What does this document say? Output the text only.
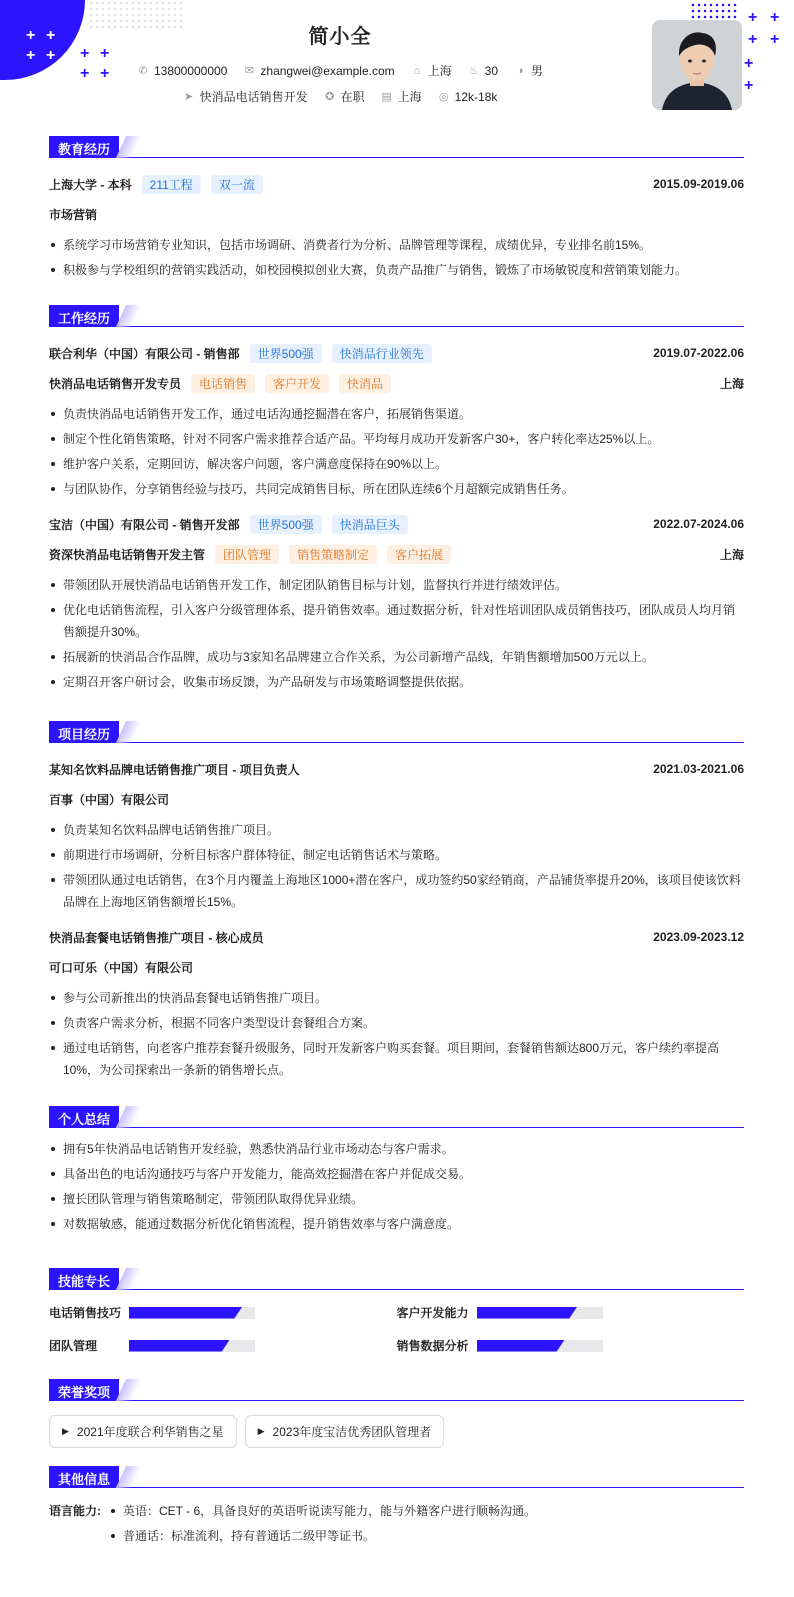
+ +
+ + + +
+ +
+ +
+ +
+
+
简小全
✆ 13800000000 ✉ zhangwei@example.com ⌂ 上海 ♨ 30 ◑ 男
➤ 快消品电话销售开发 ✪ 在职 ▤ 上海 ◎ 12k-18k
教育经历
上海大学 - 本科	211工程	双一流	2015.09-2019.06
市场营销
系统学习市场营销专业知识，包括市场调研、消费者行为分析、品牌管理等课程，成绩优异，专业排名前15%。
积极参与学校组织的营销实践活动，如校园模拟创业大赛，负责产品推广与销售，锻炼了市场敏锐度和营销策划能力。
工作经历
联合利华（中国）有限公司 - 销售部	世界500强	快消品行业领先	2019.07-2022.06
快消品电话销售开发专员	电话销售	客户开发	快消品	上海
负责快消品电话销售开发工作，通过电话沟通挖掘潜在客户，拓展销售渠道。
制定个性化销售策略，针对不同客户需求推荐合适产品。平均每月成功开发新客户30+，客户转化率达25%以上。
维护客户关系，定期回访，解决客户问题，客户满意度保持在90%以上。
与团队协作，分享销售经验与技巧，共同完成销售目标，所在团队连续6个月超额完成销售任务。
宝洁（中国）有限公司 - 销售开发部	世界500强	快消品巨头	2022.07-2024.06
资深快消品电话销售开发主管	团队管理	销售策略制定	客户拓展	上海
带领团队开展快消品电话销售开发工作，制定团队销售目标与计划，监督执行并进行绩效评估。
优化电话销售流程，引入客户分级管理体系，提升销售效率。通过数据分析，针对性培训团队成员销售技巧，团队成员人均月销售额提升30%。
拓展新的快消品合作品牌，成功与3家知名品牌建立合作关系，为公司新增产品线，年销售额增加500万元以上。
定期召开客户研讨会，收集市场反馈，为产品研发与市场策略调整提供依据。
项目经历
某知名饮料品牌电话销售推广项目 - 项目负责人	2021.03-2021.06
百事（中国）有限公司
负责某知名饮料品牌电话销售推广项目。
前期进行市场调研，分析目标客户群体特征，制定电话销售话术与策略。
带领团队通过电话销售，在3个月内覆盖上海地区1000+潜在客户，成功签约50家经销商，产品铺货率提升20%，该项目使该饮料品牌在上海地区销售额增长15%。
快消品套餐电话销售推广项目 - 核心成员	2023.09-2023.12
可口可乐（中国）有限公司
参与公司新推出的快消品套餐电话销售推广项目。
负责客户需求分析，根据不同客户类型设计套餐组合方案。
通过电话销售，向老客户推荐套餐升级服务，同时开发新客户购买套餐。项目期间，套餐销售额达800万元，客户续约率提高10%，为公司探索出一条新的销售增长点。
个人总结
拥有5年快消品电话销售开发经验，熟悉快消品行业市场动态与客户需求。
具备出色的电话沟通技巧与客户开发能力，能高效挖掘潜在客户并促成交易。
擅长团队管理与销售策略制定，带领团队取得优异业绩。
对数据敏感，能通过数据分析优化销售流程，提升销售效率与客户满意度。
技能专长
电话销售技巧	客户开发能力
团队管理	销售数据分析
荣誉奖项
▶ 2021年度联合利华销售之星	▶ 2023年度宝洁优秀团队管理者
其他信息
语言能力:	英语：CET - 6，具备良好的英语听说读写能力，能与外籍客户进行顺畅沟通。
普通话：标准流利，持有普通话二级甲等证书。
